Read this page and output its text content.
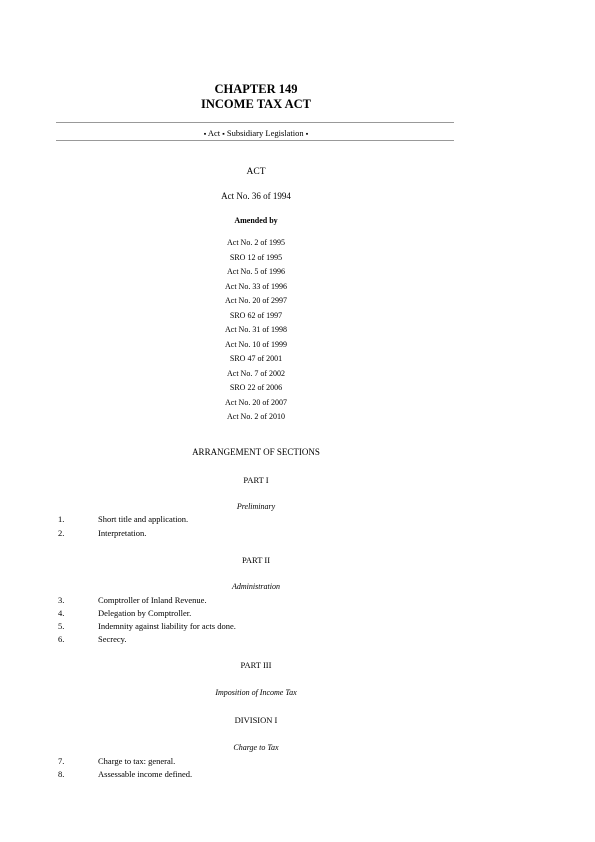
CHAPTER 149
INCOME TAX ACT
▪ Act ▪ Subsidiary Legislation ▪
ACT
Act No. 36 of 1994
Amended by
Act No. 2 of 1995
SRO 12 of 1995
Act No. 5 of 1996
Act No. 33 of 1996
Act No. 20 of 2997
SRO 62 of 1997
Act No. 31 of 1998
Act No. 10 of 1999
SRO 47 of 2001
Act No. 7 of 2002
SRO 22 of 2006
Act No. 20 of 2007
Act No. 2 of 2010
ARRANGEMENT OF SECTIONS
PART I
Preliminary
1.	Short title and application.
2.	Interpretation.
PART II
Administration
3.	Comptroller of Inland Revenue.
4.	Delegation by Comptroller.
5.	Indemnity against liability for acts done.
6.	Secrecy.
PART III
Imposition of Income Tax
DIVISION I
Charge to Tax
7.	Charge to tax: general.
8.	Assessable income defined.
